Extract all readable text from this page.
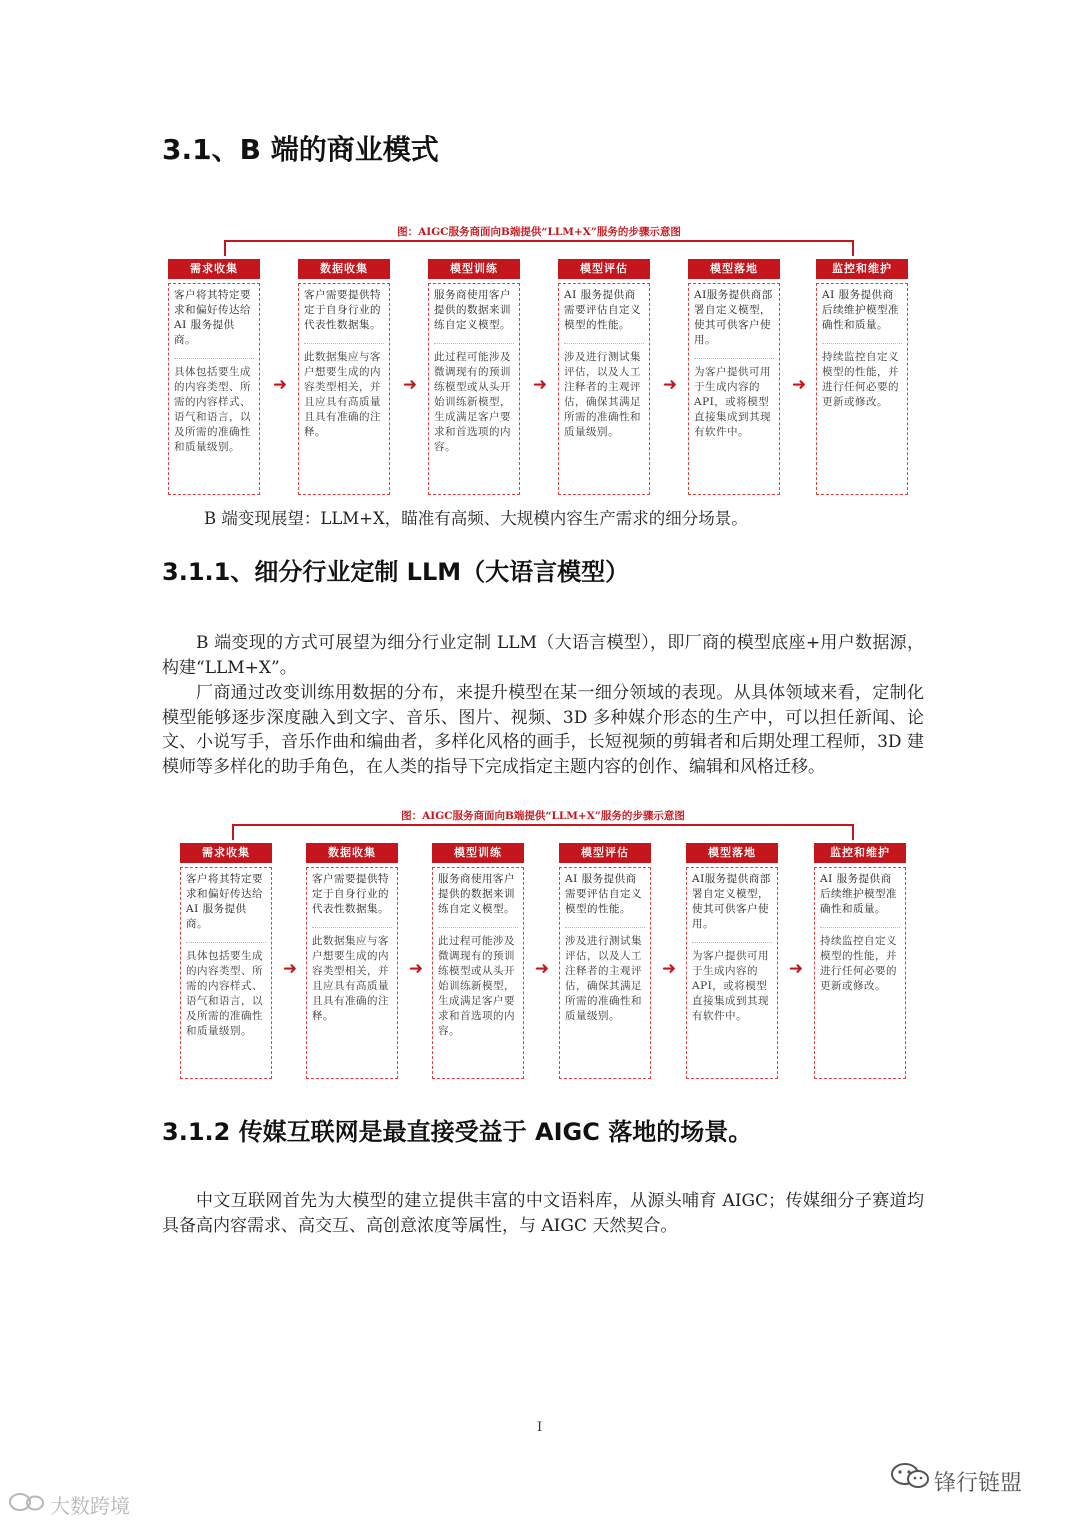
3.1、B 端的商业模式
图：AIGC服务商面向B端提供“LLM+X”服务的步骤示意图
需求收集

客户将其特定要求和偏好传达给 AI 服务提供商。

具体包括要生成的内容类型、所需的内容样式、语气和语言，以及所需的准确性和质量级别。

➜
数据收集

客户需要提供特定于自身行业的代表性数据集。

此数据集应与客户想要生成的内容类型相关，并且应具有高质量且具有准确的注释。

➜
模型训练

服务商使用客户提供的数据来训练自定义模型。

此过程可能涉及微调现有的预训练模型或从头开始训练新模型，生成满足客户要求和首选项的内容。

➜
模型评估

AI 服务提供商需要评估自定义模型的性能。

涉及进行测试集评估，以及人工注释者的主观评估，确保其满足所需的准确性和质量级别。

➜
模型落地

AI服务提供商部署自定义模型，使其可供客户使用。

为客户提供可用于生成内容的 API，或将模型直接集成到其现有软件中。

➜
监控和维护

AI 服务提供商后续维护模型准确性和质量。

持续监控自定义模型的性能，并进行任何必要的更新或修改。

B 端变现展望：LLM+X，瞄准有高频、大规模内容生产需求的细分场景。
3.1.1、细分行业定制 LLM（大语言模型）

B 端变现的方式可展望为细分行业定制 LLM（大语言模型），即厂商的模型底座+用户数据源，构建“LLM+X”。

厂商通过改变训练用数据的分布，来提升模型在某一细分领域的表现。从具体领域来看，定制化模型能够逐步深度融入到文字、音乐、图片、视频、3D 多种媒介形态的生产中，可以担任新闻、论文、小说写手，音乐作曲和编曲者，多样化风格的画手，长短视频的剪辑者和后期处理工程师，3D 建模师等多样化的助手角色，在人类的指导下完成指定主题内容的创作、编辑和风格迁移。

图：AIGC服务商面向B端提供“LLM+X”服务的步骤示意图
需求收集

客户将其特定要求和偏好传达给 AI 服务提供商。

具体包括要生成的内容类型、所需的内容样式、语气和语言，以及所需的准确性和质量级别。

➜
数据收集

客户需要提供特定于自身行业的代表性数据集。

此数据集应与客户想要生成的内容类型相关，并且应具有高质量且具有准确的注释。

➜
模型训练

服务商使用客户提供的数据来训练自定义模型。

此过程可能涉及微调现有的预训练模型或从头开始训练新模型，生成满足客户要求和首选项的内容。

➜
模型评估

AI 服务提供商需要评估自定义模型的性能。

涉及进行测试集评估，以及人工注释者的主观评估，确保其满足所需的准确性和质量级别。

➜
模型落地

AI服务提供商部署自定义模型，使其可供客户使用。

为客户提供可用于生成内容的 API，或将模型直接集成到其现有软件中。

➜
监控和维护

AI 服务提供商后续维护模型准确性和质量。

持续监控自定义模型的性能，并进行任何必要的更新或修改。

3.1.2 传媒互联网是最直接受益于 AIGC 落地的场景。

中文互联网首先为大模型的建立提供丰富的中文语料库，从源头哺育 AIGC；传媒细分子赛道均具备高内容需求、高交互、高创意浓度等属性，与 AIGC 天然契合。

I
大数跨境
锋行链盟
